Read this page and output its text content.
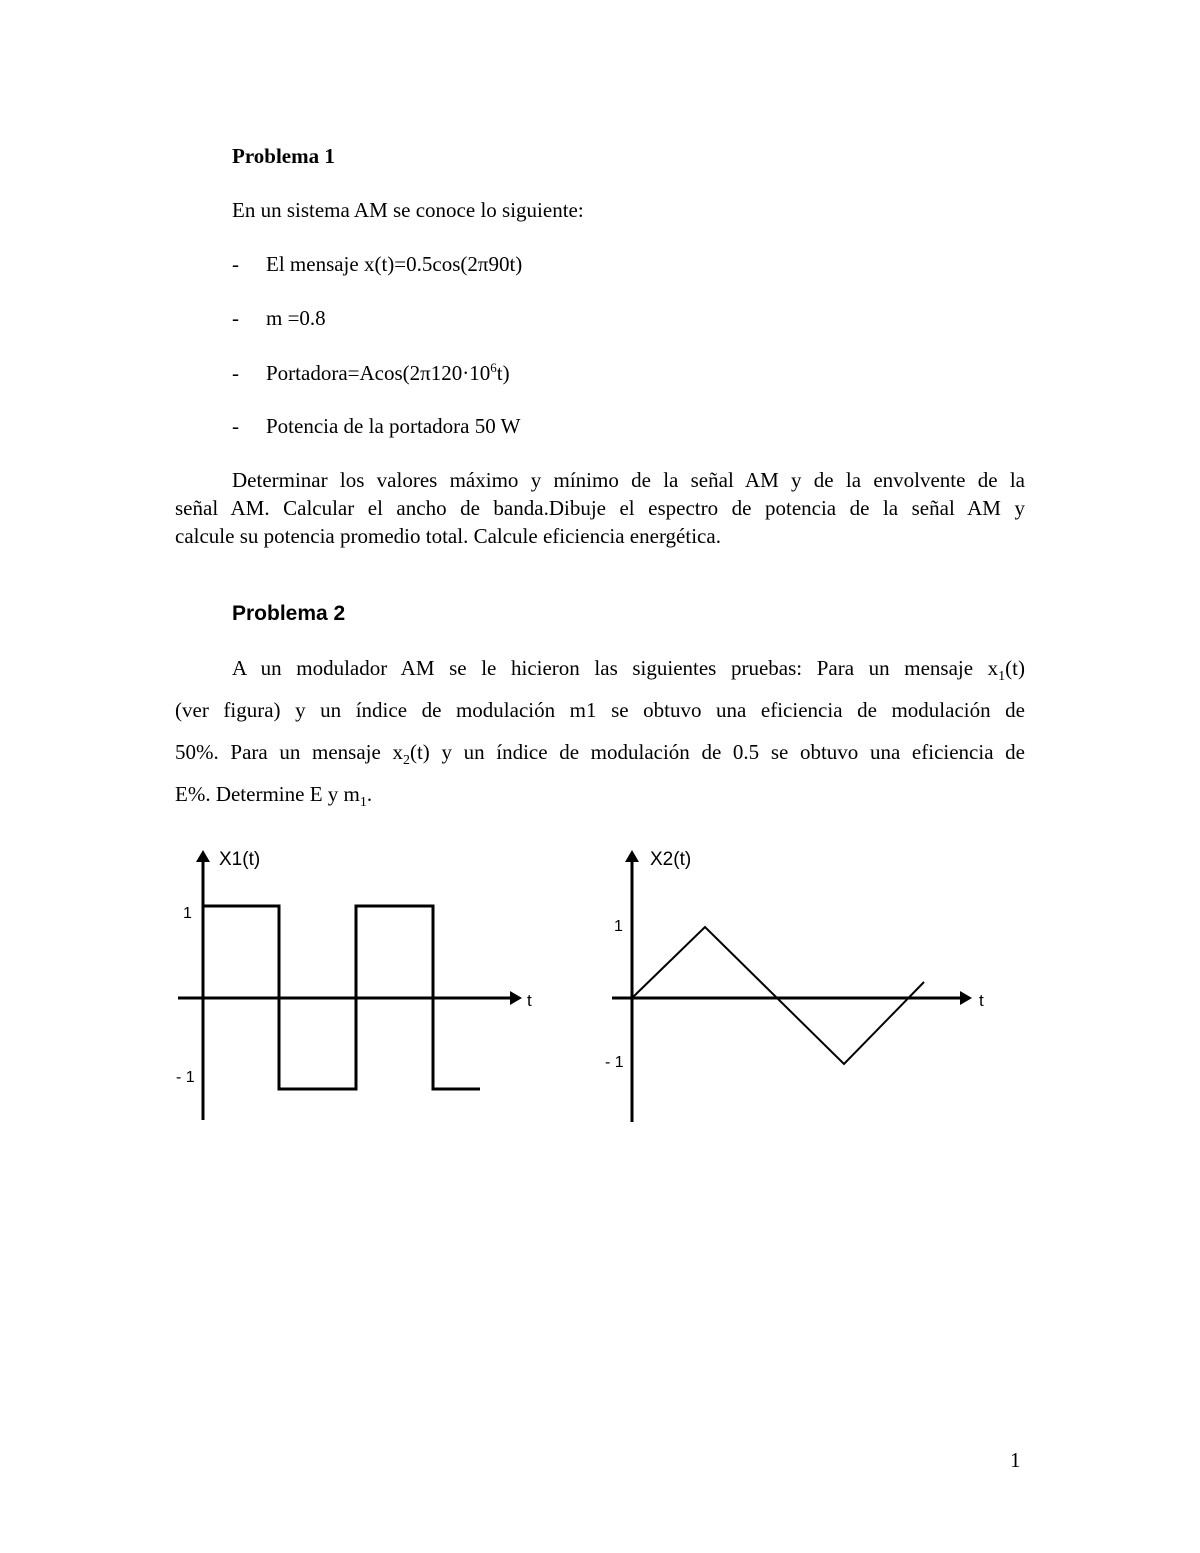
Problema 1
En un sistema AM se conoce lo siguiente:
- El mensaje x(t)=0.5cos(2π90t)
- m =0.8
- $Portadora=Acos(2\pi 120\cdot 10^6t)$
- Potencia de la portadora 50 W
Determinar los valores máximo y mínimo de la señal AM y de la envolvente de la
señal AM. Calcular el ancho de banda.Dibuje el espectro de potencia de la señal AM y
calcule su potencia promedio total. Calcule eficiencia energética.
Problema 2
A un modulador AM se le hicieron las siguientes pruebas: Para un mensaje $x_1(t)$
(ver figura) y un índice de modulación m1 se obtuvo una eficiencia de modulación de
50%. Para un mensaje $x_2(t)$ y un índice de modulación de 0.5 se obtuvo una eficiencia de
E%. Determine E y $m_1$.
X1(t)
1
- 1
t
X2(t)
1
- 1
t
1
